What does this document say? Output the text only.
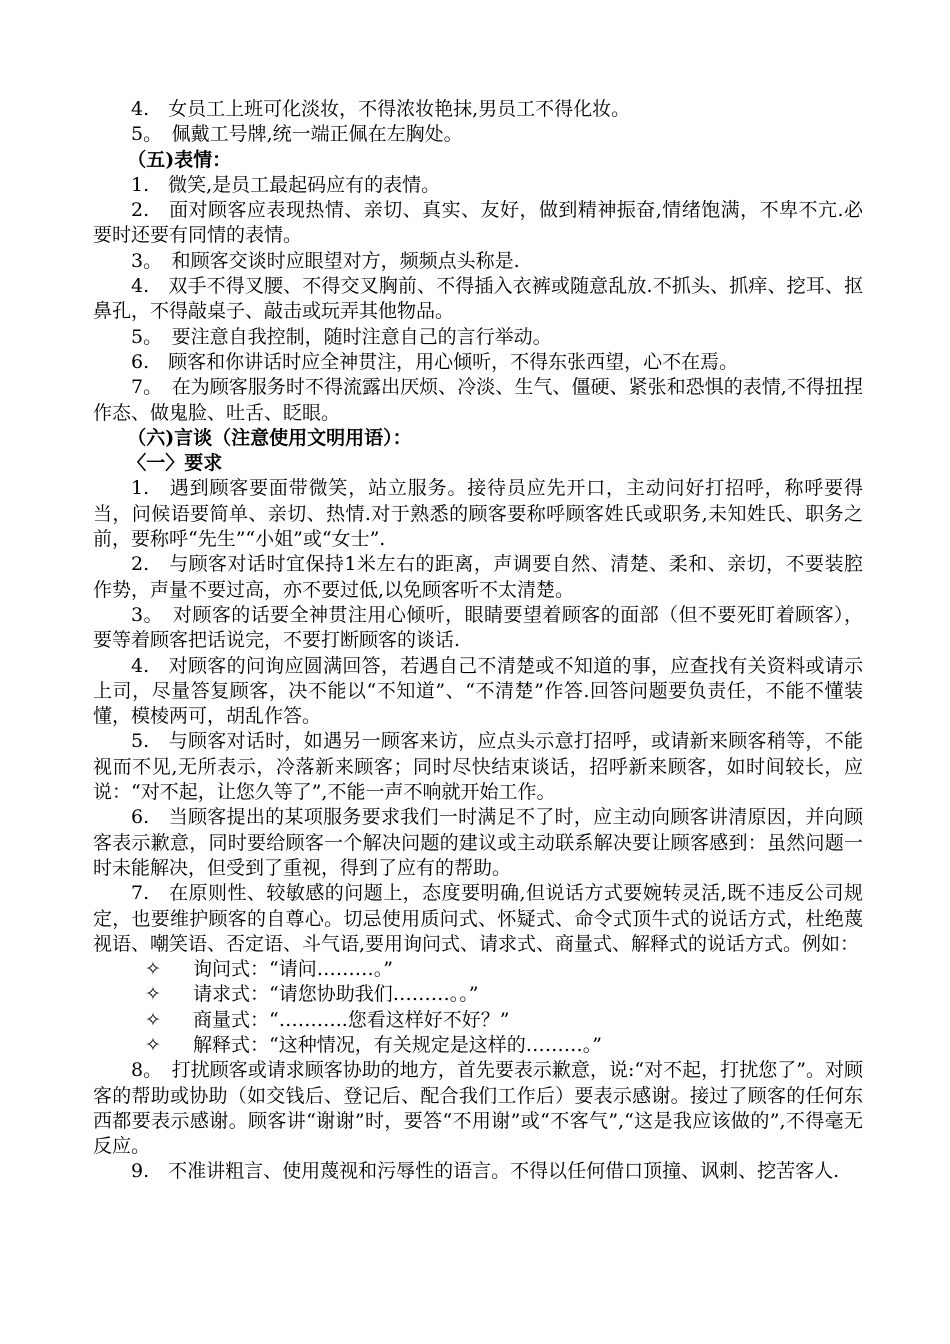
4.　女员工上班可化淡妆，不得浓妆艳抹,男员工不得化妆。

5。　佩戴工号牌,统一端正佩在左胸处。

（五)表情：

1.　微笑,是员工最起码应有的表情。

2.　面对顾客应表现热情、亲切、真实、友好，做到精神振奋,情绪饱满，不卑不亢.必要时还要有同情的表情。

3。　和顾客交谈时应眼望对方，频频点头称是.

4.　双手不得叉腰、不得交叉胸前、不得插入衣裤或随意乱放.不抓头、抓痒、挖耳、抠鼻孔，不得敲桌子、敲击或玩弄其他物品。

5。　要注意自我控制，随时注意自己的言行举动。

6.　顾客和你讲话时应全神贯注，用心倾听，不得东张西望，心不在焉。

7。　在为顾客服务时不得流露出厌烦、冷淡、生气、僵硬、紧张和恐惧的表情,不得扭捏作态、做鬼脸、吐舌、眨眼。

（六)言谈（注意使用文明用语）：

〈一〉要求

1.　遇到顾客要面带微笑，站立服务。接待员应先开口，主动问好打招呼，称呼要得当，问候语要简单、亲切、热情.对于熟悉的顾客要称呼顾客姓氏或职务,未知姓氏、职务之前，要称呼“先生”“小姐”或“女士”.

2.　与顾客对话时宜保持1米左右的距离，声调要自然、清楚、柔和、亲切，不要装腔作势，声量不要过高，亦不要过低,以免顾客听不太清楚。

3。　对顾客的话要全神贯注用心倾听，眼睛要望着顾客的面部（但不要死盯着顾客），要等着顾客把话说完，不要打断顾客的谈话.

4.　对顾客的问询应圆满回答，若遇自己不清楚或不知道的事，应查找有关资料或请示上司，尽量答复顾客，决不能以“不知道”、“不清楚”作答.回答问题要负责任，不能不懂装懂，模棱两可，胡乱作答。

5.　与顾客对话时，如遇另一顾客来访，应点头示意打招呼，或请新来顾客稍等，不能视而不见,无所表示，冷落新来顾客；同时尽快结束谈话，招呼新来顾客，如时间较长，应说：“对不起，让您久等了”,不能一声不响就开始工作。

6.　当顾客提出的某项服务要求我们一时满足不了时，应主动向顾客讲清原因，并向顾客表示歉意，同时要给顾客一个解决问题的建议或主动联系解决要让顾客感到：虽然问题一时未能解决，但受到了重视，得到了应有的帮助。

7.　在原则性、较敏感的问题上，态度要明确,但说话方式要婉转灵活,既不违反公司规定，也要维护顾客的自尊心。切忌使用质问式、怀疑式、命令式顶牛式的说话方式，杜绝蔑视语、嘲笑语、否定语、斗气语,要用询问式、请求式、商量式、解释式的说话方式。例如：

✧ 询问式：“请问………。”

✧ 请求式：“请您协助我们………。。”

✧ 商量式：“………..您看这样好不好？”

✧ 解释式：“这种情况，有关规定是这样的………。”

8。　打扰顾客或请求顾客协助的地方，首先要表示歉意，说:“对不起，打扰您了”。对顾客的帮助或协助（如交钱后、登记后、配合我们工作后）要表示感谢。接过了顾客的任何东西都要表示感谢。顾客讲“谢谢”时，要答“不用谢”或“不客气”,“这是我应该做的”,不得毫无反应。

9.　不准讲粗言、使用蔑视和污辱性的语言。不得以任何借口顶撞、讽刺、挖苦客人.
